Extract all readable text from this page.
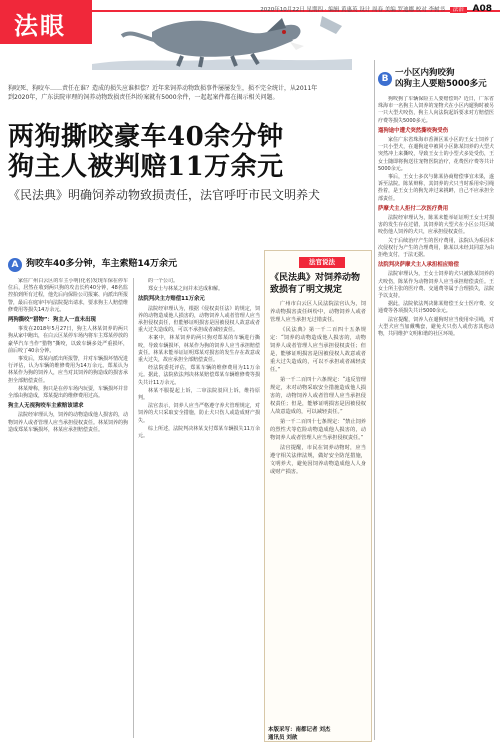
法眼
2020年10月22日 星期四 · 编辑 黄惠英 设计 周春 美编 罗迪娜 校对 李树书 法治 A08
狗咬死、狗咬车……责任在谁？造成的损失应谁担偿？近年来饲养动物致损事件屡屡发生，损不完全统计，从2011年到2020年，广东法院审理的饲养动物致损责任纠纷案就有5000余件，一起起案件都在揭示相关问题。
两狗撕咬豪车40余分钟
狗主人被判赔11万余元
《民法典》明确饲养动物致损责任，法官呼吁市民文明养犬
A 狗咬车40多分钟，车主索赔14万余元

家住广州白云区的车主小明(化名)发现车保在停车位后，居然在收到两只狗的攻击长约40分钟，48名监控拍到所有过程，他先后向保险公司报案、向派出所报警，最后在庭审中向法院提出请求，要求狗主人赔偿维修费用等损失14万余元。

两狗撕咬“猎物”：狗主人一直未出现

事发在2018年5月27日，狗主人林某饲养的两只狗从家中跑出，在白云区某停车场内将车主郑某停放的豪华汽车当作“猎物”撕咬，以致车辆多处严重损坏，前后咬了40余分钟。

事发后，郑某向派出所报警，并对车辆损坏情况进行评估，认为车辆的维修费用为14万余元。郑某认为林某作为狗的饲养人，应当对其饲养的狗造成的损害承担全部赔偿责任。

林某辩称，狗只是在停车场内玩耍，车辆损坏并非全部由狗造成，郑某提出的维修费用过高。

狗主人无视狗咬车主索赔该请求

法院经审理认为，饲养的动物造成他人损害的，动物饲养人或者管理人应当承担侵权责任。林某饲养的狗造成郑某车辆损坏，林某应承担赔偿责任。

的一个公司。

郑女士与林某之间并未达成和解。

法院判决主方赔偿11万余元

法院经审理认为，根据《侵权责任法》的规定，饲养的动物造成他人损害的，动物饲养人或者管理人应当承担侵权责任，但能够证明损害是因被侵权人故意或者重大过失造成的，可以不承担或者减轻责任。

本案中，林某饲养的两只狗对郑某的车辆进行撕咬，导致车辆损坏，林某作为狗的饲养人应当承担赔偿责任。林某未能举证证明郑某对损害的发生存在故意或重大过失，故应承担全部赔偿责任。

经法院委托评估，郑某车辆的维修费用为11万余元。据此，法院依法判决林某赔偿郑某车辆维修费等损失共计11万余元。

林某不服提起上诉，二审法院驳回上诉，维持原判。

法官表示，饲养人应当严格遵守养犬管理规定，对饲养的犬只采取安全措施，防止犬只伤人或造成财产损失。

综上所述，法院判决林某支付郑某车辆损失11万余元。

法官说法
《民法典》对饲养动物致损有了明文规定

广州市白云区人民法院法官认为，饲养动物损害责任纠纷中，动物饲养人或者管理人应当承担无过错责任。

《民法典》第一千二百四十五条规定：“饲养的动物造成他人损害的，动物饲养人或者管理人应当承担侵权责任；但是，能够证明损害是因被侵权人故意或者重大过失造成的，可以不承担或者减轻责任。”

第一千二百四十六条规定：“违反管理规定，未对动物采取安全措施造成他人损害的，动物饲养人或者管理人应当承担侵权责任；但是，能够证明损害是因被侵权人故意造成的，可以减轻责任。”

第一千二百四十七条规定：“禁止饲养的烈性犬等危险动物造成他人损害的，动物饲养人或者管理人应当承担侵权责任。”

法官提醒，市民在饲养动物时，应当遵守相关法律法规，做好安全防范措施，文明养犬，避免因饲养动物造成他人人身或财产损害。

本版采写：南都记者 刘杰
通讯员 刘歆
B
一小区内狗咬狗
凶狗主人要赔5000多元

狗咬狗了车辆保险主人要赔偿吗？近日，广东省珠海市一名狗主人饲养的宠物犬在小区内遛狗时被另一只大型犬咬伤，狗主人向法院起诉要求对方赔偿医疗费等损失5000多元。

遛狗途中遭犬突然撕咬狗受伤

家住广东省珠海市香洲区某小区的王女士饲养了一只小型犬，在遛狗途中被同小区陈某饲养的大型犬突然冲上来撕咬，导致王女士的小型犬多处受伤，王女士随即将狗送往宠物医院治疗，花费医疗费等共计5000余元。

事后，王女士多次与陈某协商赔偿事宜未果，遂诉至法院。陈某辩称，其饲养的犬只当时系用牵引绳拴着，是王女士的狗先冲过来挑衅，自己不应承担全部责任。

萨摩犬主人拒付二次医疗费用

法院经审理认为，陈某未能举证证明王女士对损害的发生存在过错，其饲养的大型犬在小区公共区域咬伤他人饲养的犬只，应承担侵权责任。

关于后续治疗产生的医疗费用，法院认为系因本次侵权行为产生的合理费用，陈某以未经其同意为由拒绝支付，于法无据。

法院判决萨摩犬主人承担相应赔偿

法院审理认为，王女士饲养的犬只被陈某饲养的犬咬伤，陈某作为动物饲养人应当承担赔偿责任。王女士所主张的医疗费、交通费等属于合理损失，法院予以支持。

据此，法院依法判决陈某赔偿王女士医疗费、交通费等各项损失共计5000余元。

法官提醒，饲养人在遛狗时应当使用牵引绳，对大型犬应当加戴嘴套，避免犬只伤人或伤害其他动物，共同维护文明和谐的社区环境。
